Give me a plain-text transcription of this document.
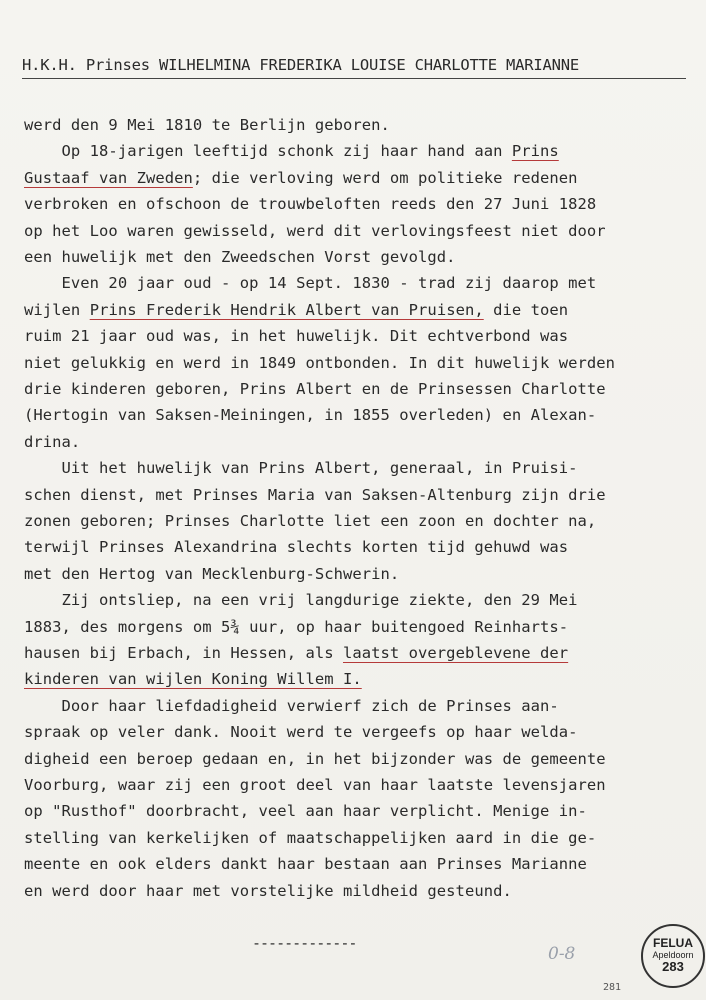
H.K.H. Prinses WILHELMINA FREDERIKA LOUISE CHARLOTTE MARIANNE
werd den 9 Mei 1810 te Berlijn geboren.
Op 18-jarigen leeftijd schonk zij haar hand aan Prins
Gustaaf van Zweden; die verloving werd om politieke redenen
verbroken en ofschoon de trouwbeloften reeds den 27 Juni 1828
op het Loo waren gewisseld, werd dit verlovingsfeest niet door
een huwelijk met den Zweedschen Vorst gevolgd.
Even 20 jaar oud - op 14 Sept. 1830 - trad zij daarop met
wijlen Prins Frederik Hendrik Albert van Pruisen, die toen
ruim 21 jaar oud was, in het huwelijk. Dit echtverbond was
niet gelukkig en werd in 1849 ontbonden. In dit huwelijk werden
drie kinderen geboren, Prins Albert en de Prinsessen Charlotte
(Hertogin van Saksen-Meiningen, in 1855 overleden) en Alexan-
drina.
Uit het huwelijk van Prins Albert, generaal, in Pruisi-
schen dienst, met Prinses Maria van Saksen-Altenburg zijn drie
zonen geboren; Prinses Charlotte liet een zoon en dochter na,
terwijl Prinses Alexandrina slechts korten tijd gehuwd was
met den Hertog van Mecklenburg-Schwerin.
Zij ontsliep, na een vrij langdurige ziekte, den 29 Mei
1883, des morgens om 5¾ uur, op haar buitengoed Reinharts-
hausen bij Erbach, in Hessen, als laatst overgeblevene der
kinderen van wijlen Koning Willem I.
Door haar liefdadigheid verwierf zich de Prinses aan-
spraak op veler dank. Nooit werd te vergeefs op haar welda-
digheid een beroep gedaan en, in het bijzonder was de gemeente
Voorburg, waar zij een groot deel van haar laatste levensjaren
op "Rusthof" doorbracht, veel aan haar verplicht. Menige in-
stelling van kerkelijken of maatschappelijken aard in die ge-
meente en ook elders dankt haar bestaan aan Prinses Marianne
en werd door haar met vorstelijke mildheid gesteund.
-------------
0-8
281
FELUA
Apeldoorn
283
